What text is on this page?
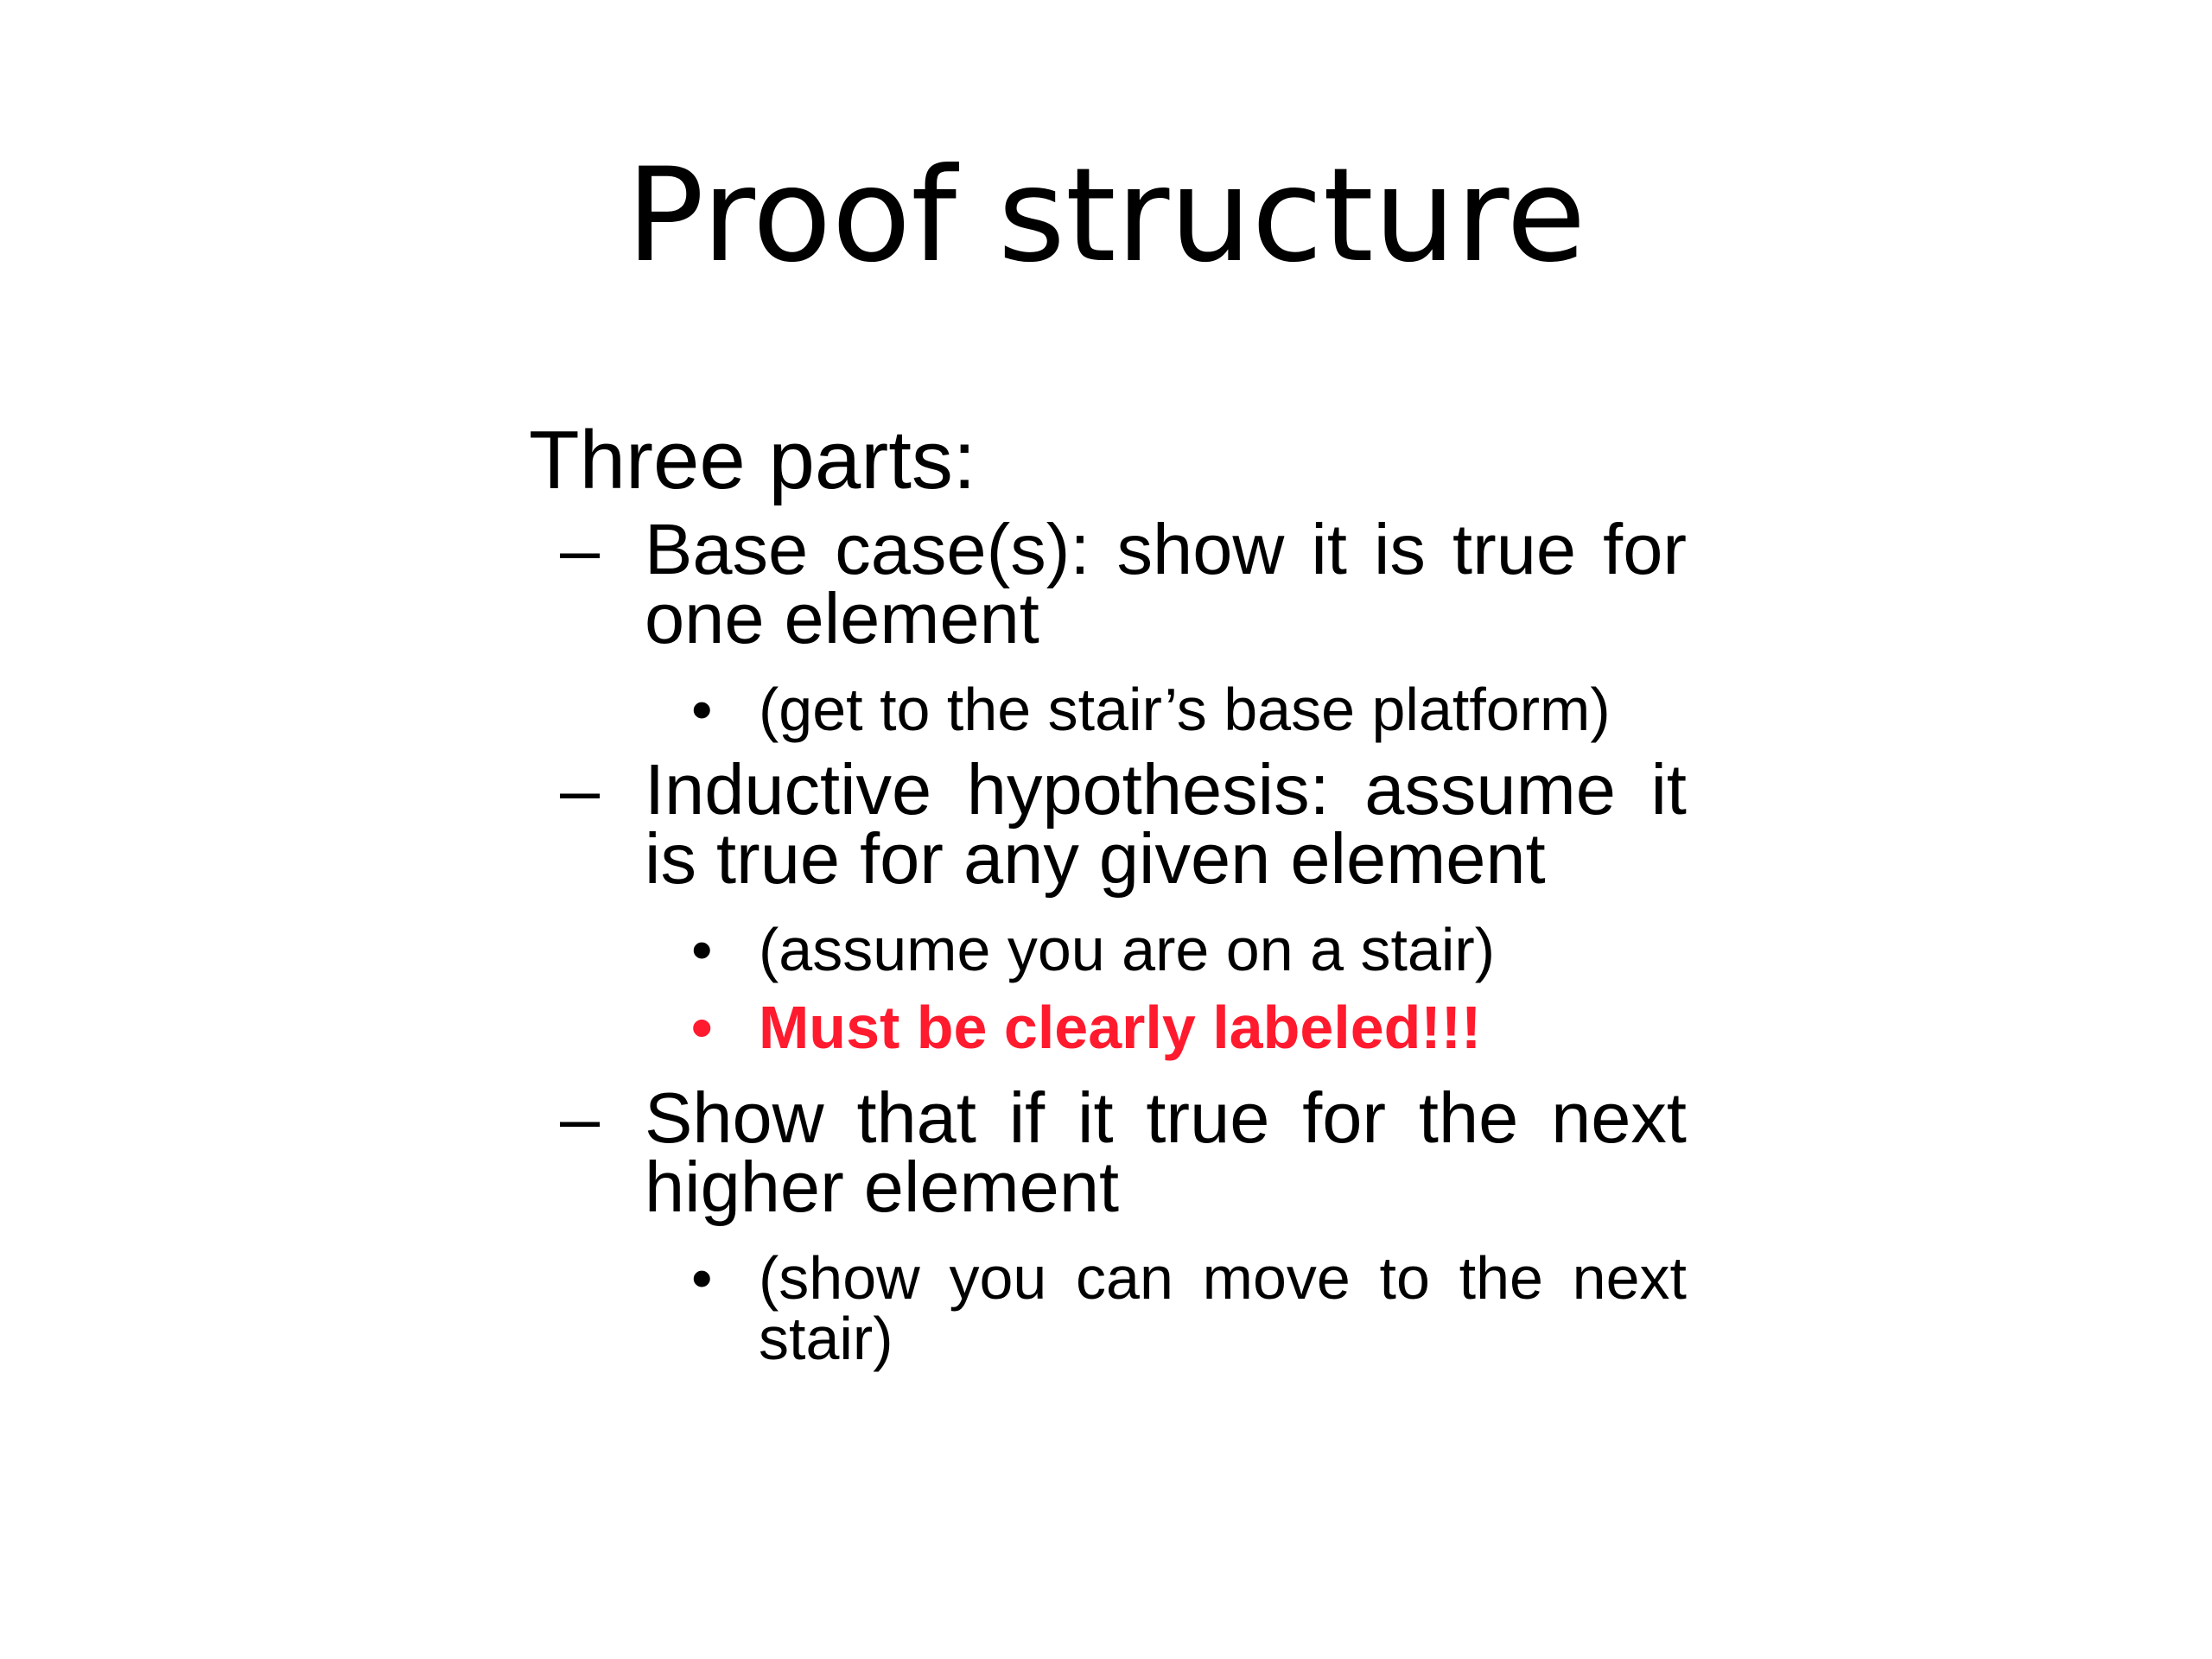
Proof structure

Three parts:

– Base case(s): show it is true for one element

• (get to the stair’s base platform)

– Inductive hypothesis: assume it is true for any given element

• (assume you are on a stair)

• Must be clearly labeled!!!

– Show that if it true for the next higher element

• (show you can move to the next stair)
